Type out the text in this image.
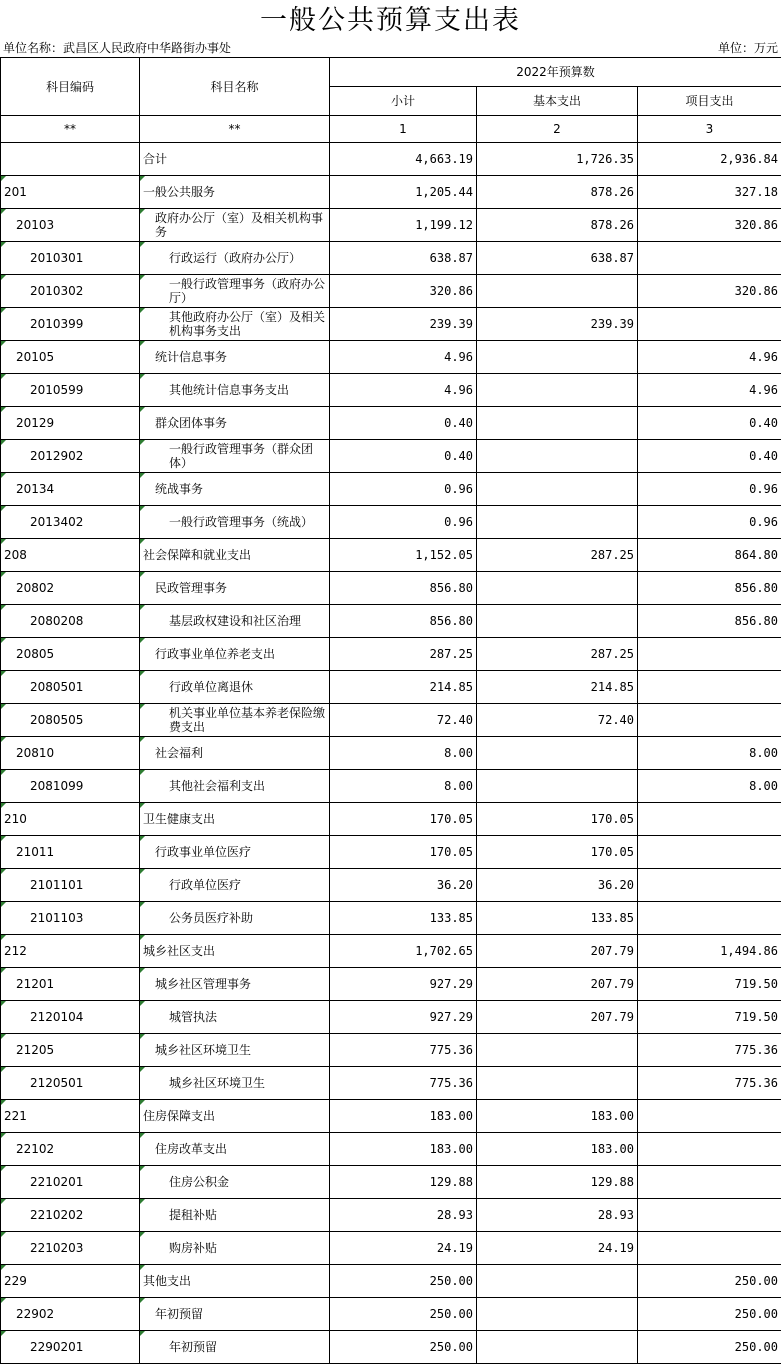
一般公共预算支出表
单位名称：武昌区人民政府中华路街办事处	单位：万元
科目编码	科目名称	2022年预算数		
		小计	基本支出	项目支出
**	**	1	2	3
	合计	4,663.19	1,726.35	2,936.84

201	一般公共服务	1,205.44	878.26	327.18

20103	政府办公厅（室）及相关机构事务	1,199.12	878.26	320.86

2010301	行政运行（政府办公厅）	638.87	638.87	

2010302	一般行政管理事务（政府办公厅）	320.86		320.86

2010399	其他政府办公厅（室）及相关机构事务支出	239.39	239.39	

20105	统计信息事务	4.96		4.96

2010599	其他统计信息事务支出	4.96		4.96

20129	群众团体事务	0.40		0.40

2012902	一般行政管理事务（群众团体）	0.40		0.40

20134	统战事务	0.96		0.96

2013402	一般行政管理事务（统战）	0.96		0.96

208	社会保障和就业支出	1,152.05	287.25	864.80

20802	民政管理事务	856.80		856.80

2080208	基层政权建设和社区治理	856.80		856.80

20805	行政事业单位养老支出	287.25	287.25	

2080501	行政单位离退休	214.85	214.85	

2080505	机关事业单位基本养老保险缴费支出	72.40	72.40	

20810	社会福利	8.00		8.00

2081099	其他社会福利支出	8.00		8.00

210	卫生健康支出	170.05	170.05	

21011	行政事业单位医疗	170.05	170.05	

2101101	行政单位医疗	36.20	36.20	

2101103	公务员医疗补助	133.85	133.85	

212	城乡社区支出	1,702.65	207.79	1,494.86

21201	城乡社区管理事务	927.29	207.79	719.50

2120104	城管执法	927.29	207.79	719.50

21205	城乡社区环境卫生	775.36		775.36

2120501	城乡社区环境卫生	775.36		775.36

221	住房保障支出	183.00	183.00	

22102	住房改革支出	183.00	183.00	

2210201	住房公积金	129.88	129.88	

2210202	提租补贴	28.93	28.93	

2210203	购房补贴	24.19	24.19	

229	其他支出	250.00		250.00

22902	年初预留	250.00		250.00

2290201	年初预留	250.00		250.00
